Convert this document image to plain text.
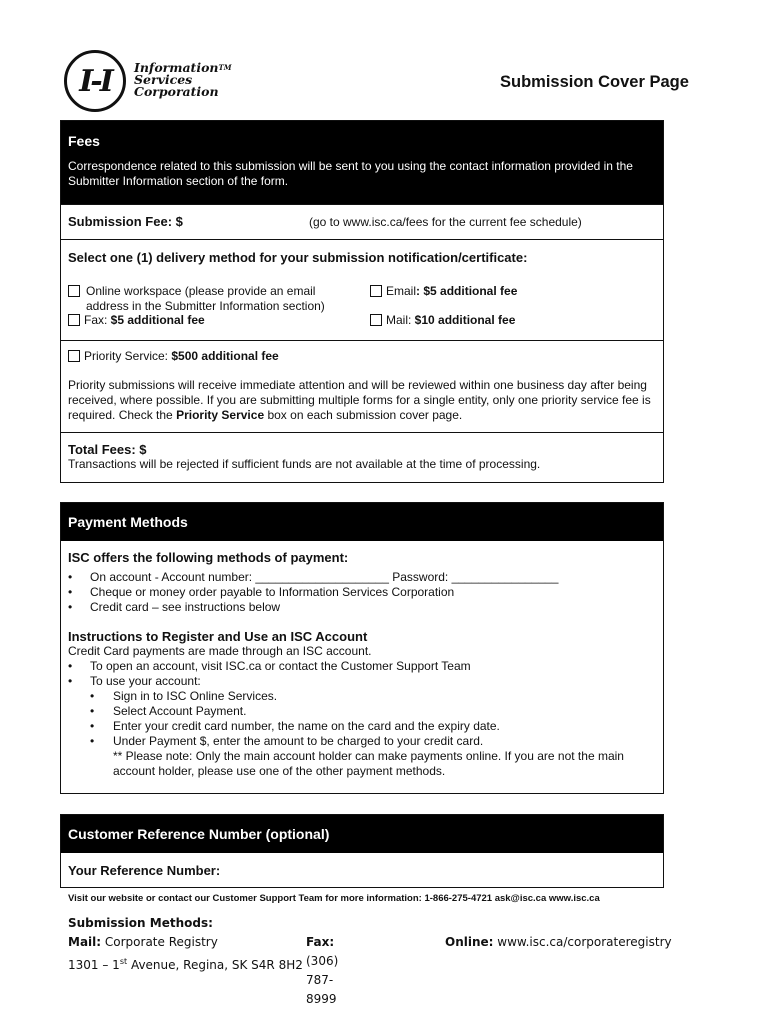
I-I Information™
Services
Corporation
Submission Cover Page
Fees
Correspondence related to this submission will be sent to you using the contact information provided in the Submitter Information section of the form.
Submission Fee: $	(go to www.isc.ca/fees for the current fee schedule)
Select one (1) delivery method for your submission notification/certificate:
Online workspace (please provide an email address in the Submitter Information section)
Fax: $5 additional fee
Email: $5 additional fee
Mail: $10 additional fee
Priority Service: $500 additional fee
Priority submissions will receive immediate attention and will be reviewed within one business day after being received, where possible. If you are submitting multiple forms for a single entity, only one priority service fee is required. Check the Priority Service box on each submission cover page.
Total Fees: $
Transactions will be rejected if sufficient funds are not available at the time of processing.
Payment Methods
ISC offers the following methods of payment:
• On account - Account number: ____________________ Password: ________________
• Cheque or money order payable to Information Services Corporation
• Credit card – see instructions below
Instructions to Register and Use an ISC Account
Credit Card payments are made through an ISC account.
• To open an account, visit ISC.ca or contact the Customer Support Team
• To use your account:
• Sign in to ISC Online Services.
• Select Account Payment.
• Enter your credit card number, the name on the card and the expiry date.
• Under Payment $, enter the amount to be charged to your credit card.
** Please note: Only the main account holder can make payments online. If you are not the main account holder, please use one of the other payment methods.
Customer Reference Number (optional)
Your Reference Number:
Visit our website or contact our Customer Support Team for more information: 1-866-275-4721 ask@isc.ca www.isc.ca
Submission Methods:
Mail: Corporate Registry	Fax: (306) 787-8999
Online: www.isc.ca/corporateregistry
1301 – 1st Avenue, Regina, SK S4R 8H2
